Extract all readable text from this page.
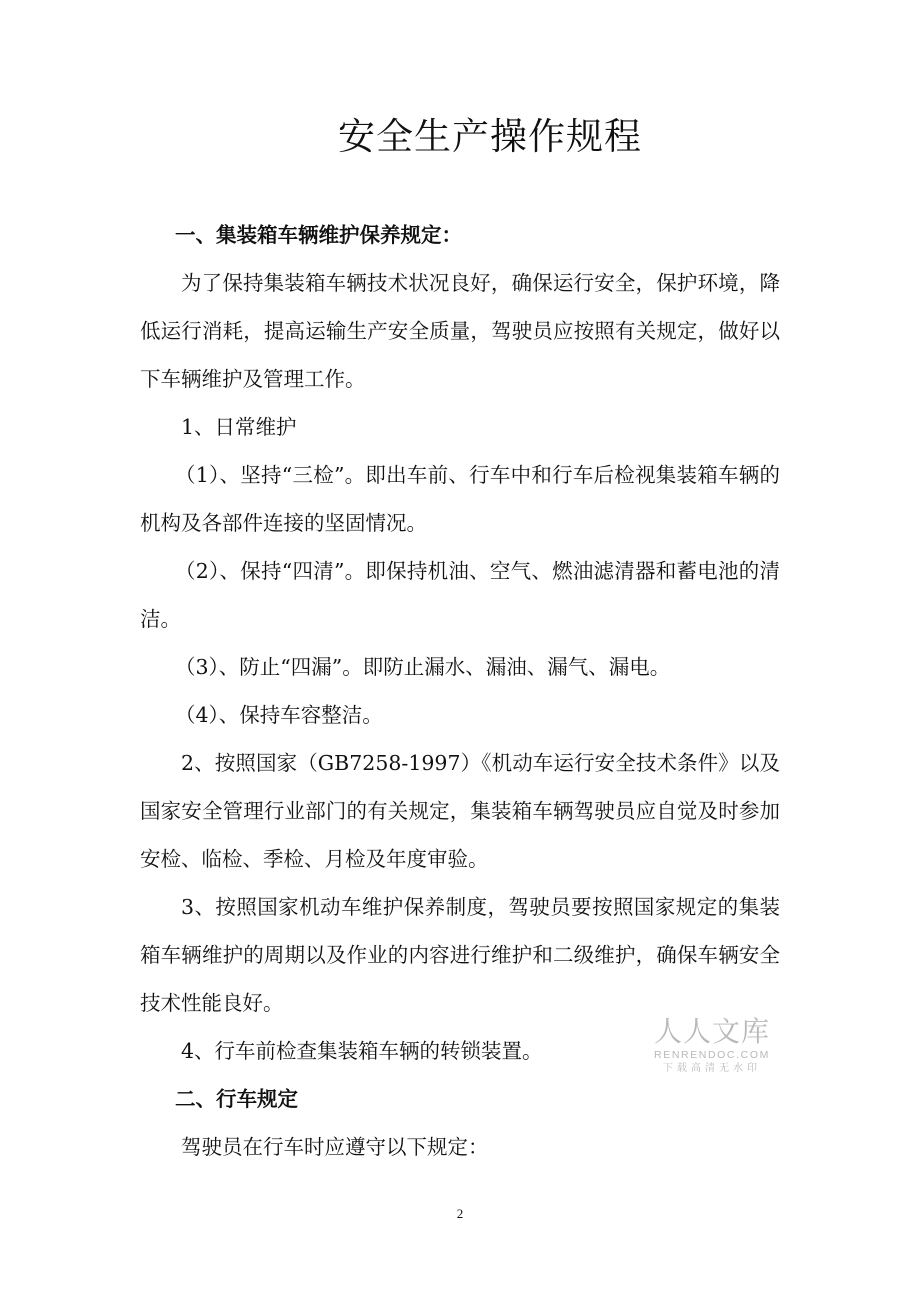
安全生产操作规程

一、集装箱车辆维护保养规定：

为了保持集装箱车辆技术状况良好，确保运行安全，保护环境，降低运行消耗，提高运输生产安全质量，驾驶员应按照有关规定，做好以下车辆维护及管理工作。

1、日常维护

（1）、坚持“三检”。即出车前、行车中和行车后检视集装箱车辆的机构及各部件连接的坚固情况。

（2）、保持“四清”。即保持机油、空气、燃油滤清器和蓄电池的清洁。

（3）、防止“四漏”。即防止漏水、漏油、漏气、漏电。

（4）、保持车容整洁。

2、按照国家（GB7258-1997）《机动车运行安全技术条件》以及国家安全管理行业部门的有关规定，集装箱车辆驾驶员应自觉及时参加安检、临检、季检、月检及年度审验。

3、按照国家机动车维护保养制度，驾驶员要按照国家规定的集装箱车辆维护的周期以及作业的内容进行维护和二级维护，确保车辆安全技术性能良好。

4、行车前检查集装箱车辆的转锁装置。

二、行车规定

驾驶员在行车时应遵守以下规定：

人人文库
RENRENDOC.COM
下载高清无水印
2
